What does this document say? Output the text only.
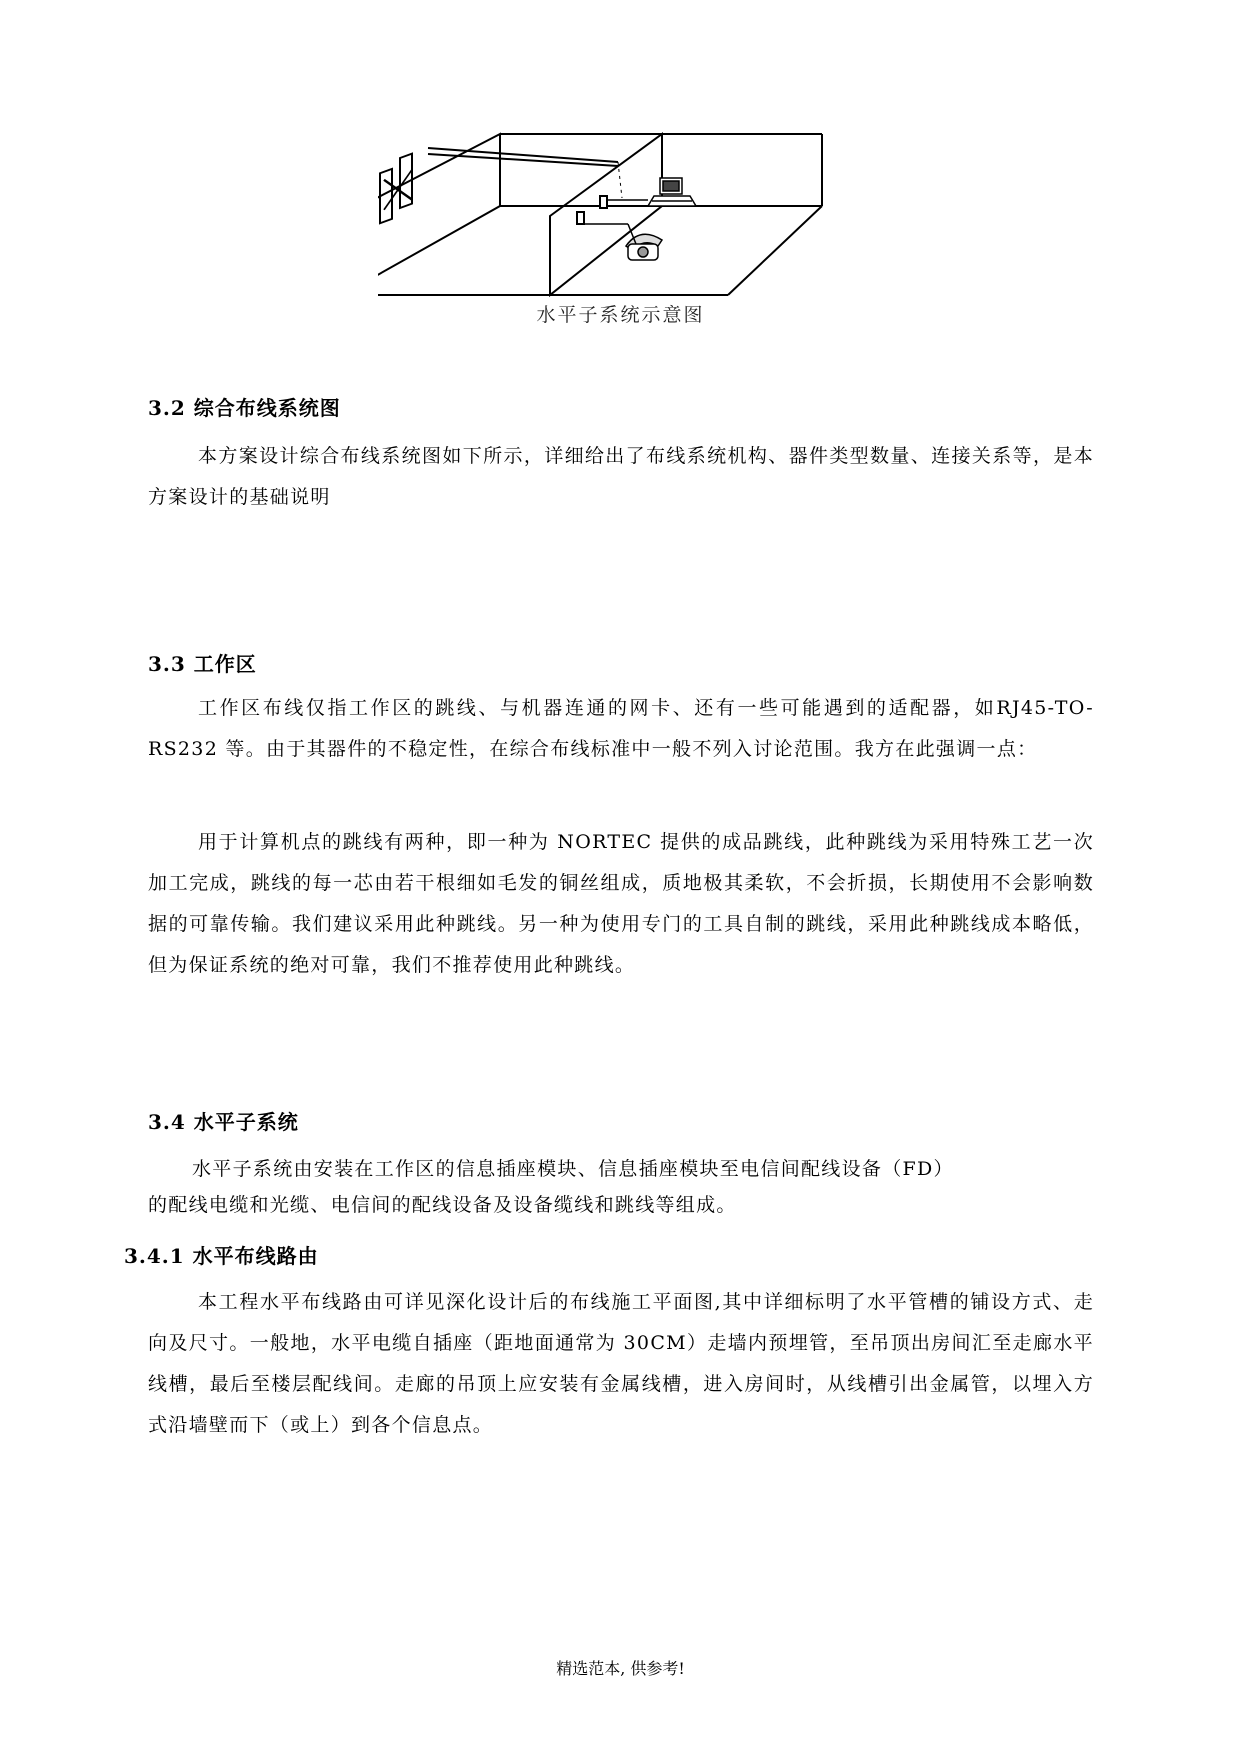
水平子系统示意图
3.2 综合布线系统图
本方案设计综合布线系统图如下所示，详细给出了布线系统机构、器件类型数量、连接关系等，是本方案设计的基础说明
3.3 工作区
工作区布线仅指工作区的跳线、与机器连通的网卡、还有一些可能遇到的适配器，如RJ45-TO-RS232 等。由于其器件的不稳定性，在综合布线标准中一般不列入讨论范围。我方在此强调一点：
用于计算机点的跳线有两种，即一种为 NORTEC 提供的成品跳线，此种跳线为采用特殊工艺一次加工完成，跳线的每一芯由若干根细如毛发的铜丝组成，质地极其柔软，不会折损，长期使用不会影响数据的可靠传输。我们建议采用此种跳线。另一种为使用专门的工具自制的跳线，采用此种跳线成本略低，但为保证系统的绝对可靠，我们不推荐使用此种跳线。
3.4 水平子系统
水平子系统由安装在工作区的信息插座模块、信息插座模块至电信间配线设备（FD）
的配线电缆和光缆、电信间的配线设备及设备缆线和跳线等组成。
3.4.1 水平布线路由
本工程水平布线路由可详见深化设计后的布线施工平面图,其中详细标明了水平管槽的铺设方式、走向及尺寸。一般地，水平电缆自插座（距地面通常为 30CM）走墙内预埋管，至吊顶出房间汇至走廊水平线槽，最后至楼层配线间。走廊的吊顶上应安装有金属线槽，进入房间时，从线槽引出金属管，以埋入方式沿墙壁而下（或上）到各个信息点。
精选范本, 供参考!
